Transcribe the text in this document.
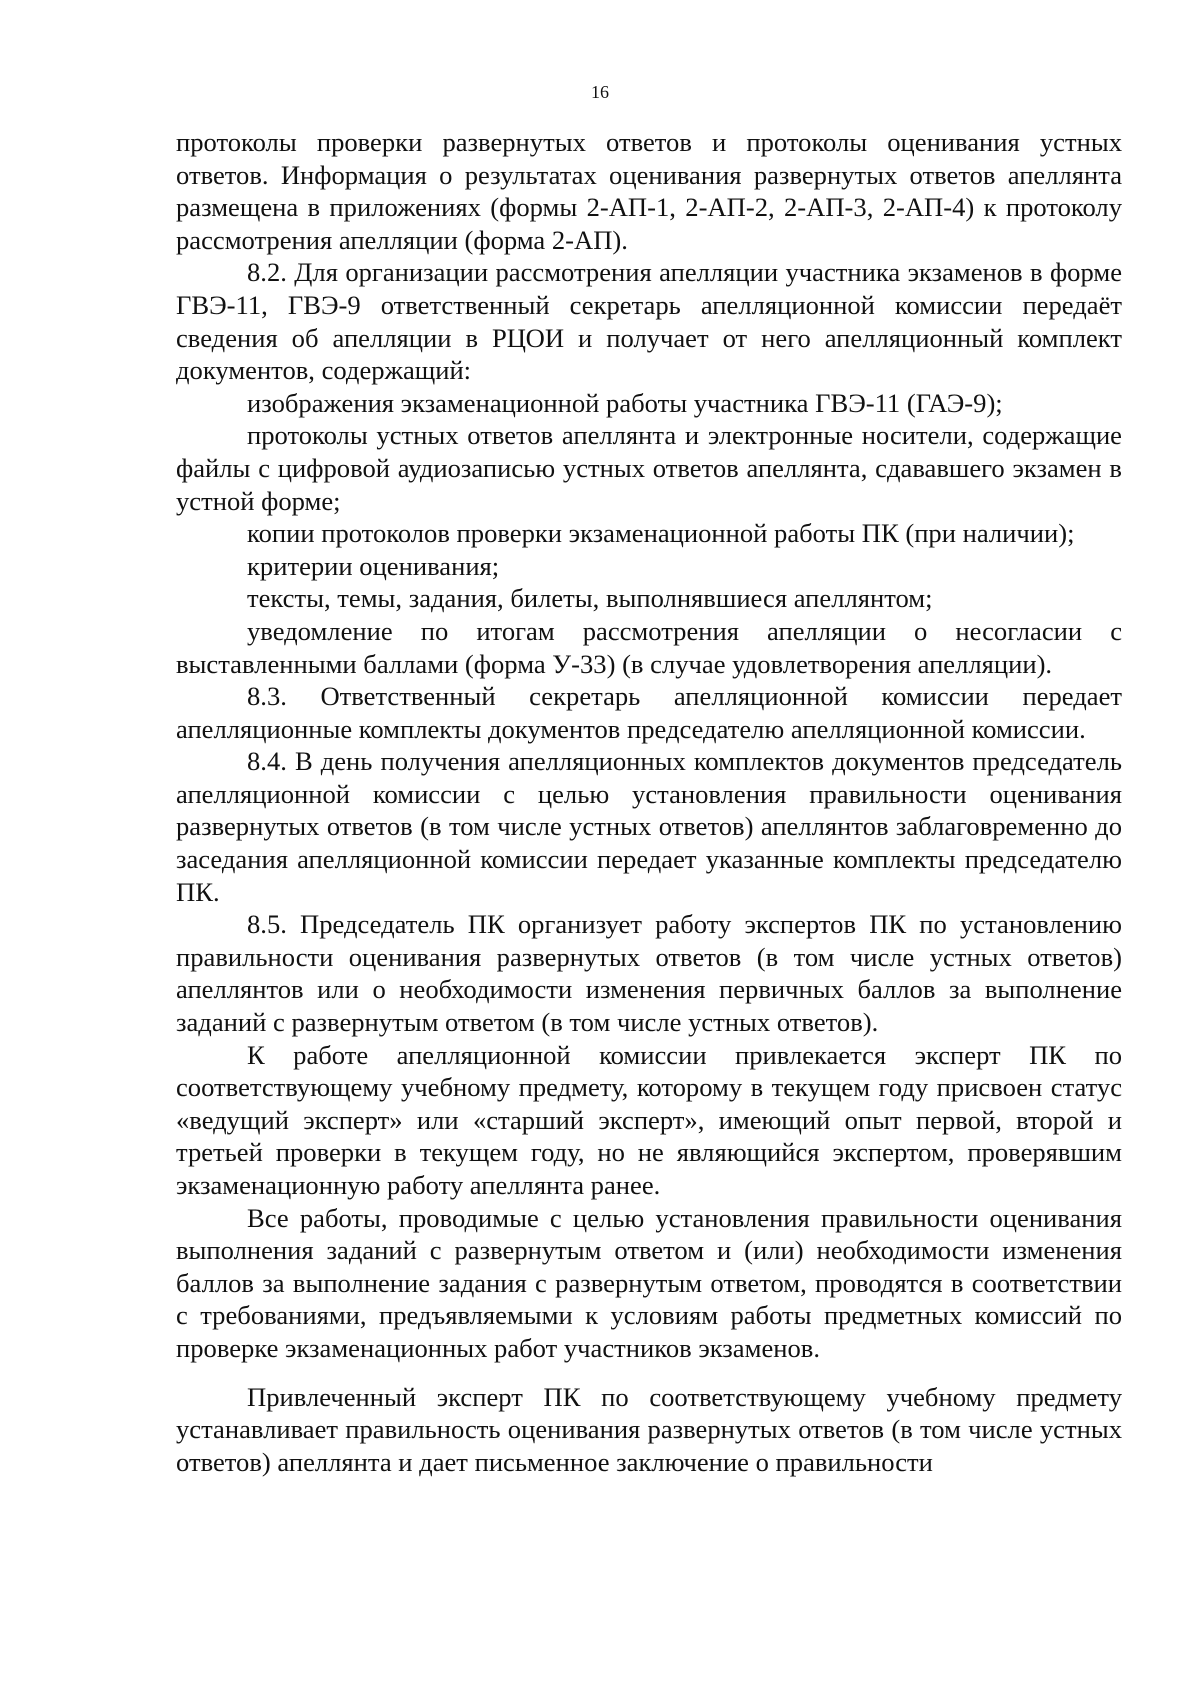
16

протоколы проверки развернутых ответов и протоколы оценивания устных ответов. Информация о результатах оценивания развернутых ответов апеллянта размещена в приложениях (формы 2-АП-1, 2-АП-2, 2-АП-3, 2-АП-4) к протоколу рассмотрения апелляции (форма 2-АП).

8.2. Для организации рассмотрения апелляции участника экзаменов в форме ГВЭ-11, ГВЭ-9 ответственный секретарь апелляционной комиссии передаёт сведения об апелляции в РЦОИ и получает от него апелляционный комплект документов, содержащий:

изображения экзаменационной работы участника ГВЭ-11 (ГАЭ-9);

протоколы устных ответов апеллянта и электронные носители, содержащие файлы с цифровой аудиозаписью устных ответов апеллянта, сдававшего экзамен в устной форме;

копии протоколов проверки экзаменационной работы ПК (при наличии);

критерии оценивания;

тексты, темы, задания, билеты, выполнявшиеся апеллянтом;

уведомление по итогам рассмотрения апелляции о несогласии с выставленными баллами (форма У-33) (в случае удовлетворения апелляции).

8.3. Ответственный секретарь апелляционной комиссии передает апелляционные комплекты документов председателю апелляционной комиссии.

8.4. В день получения апелляционных комплектов документов председатель апелляционной комиссии с целью установления правильности оценивания развернутых ответов (в том числе устных ответов) апеллянтов заблаговременно до заседания апелляционной комиссии передает указанные комплекты председателю ПК.

8.5. Председатель ПК организует работу экспертов ПК по установлению правильности оценивания развернутых ответов (в том числе устных ответов) апеллянтов или о необходимости изменения первичных баллов за выполнение заданий с развернутым ответом (в том числе устных ответов).

К работе апелляционной комиссии привлекается эксперт ПК по соответствующему учебному предмету, которому в текущем году присвоен статус «ведущий эксперт» или «старший эксперт», имеющий опыт первой, второй и третьей проверки в текущем году, но не являющийся экспертом, проверявшим экзаменационную работу апеллянта ранее.

Все работы, проводимые с целью установления правильности оценивания выполнения заданий с развернутым ответом и (или) необходимости изменения баллов за выполнение задания с развернутым ответом, проводятся в соответствии с требованиями, предъявляемыми к условиям работы предметных комиссий по проверке экзаменационных работ участников экзаменов.

Привлеченный эксперт ПК по соответствующему учебному предмету устанавливает правильность оценивания развернутых ответов (в том числе устных ответов) апеллянта и дает письменное заключение о правильности
